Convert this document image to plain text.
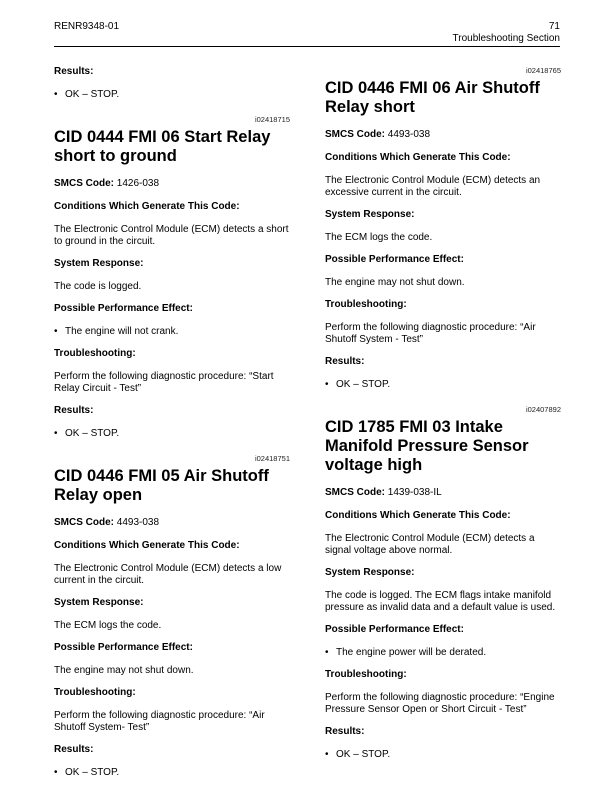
RENR9348-01	71
Troubleshooting Section
Results:
• OK – STOP.
i02418715
CID 0444 FMI 06 Start Relay short to ground
SMCS Code: 1426-038
Conditions Which Generate This Code:
The Electronic Control Module (ECM) detects a short to ground in the circuit.
System Response:
The code is logged.
Possible Performance Effect:
• The engine will not crank.
Troubleshooting:
Perform the following diagnostic procedure: “Start Relay Circuit - Test”
Results:
• OK – STOP.
i02418751
CID 0446 FMI 05 Air Shutoff Relay open
SMCS Code: 4493-038
Conditions Which Generate This Code:
The Electronic Control Module (ECM) detects a low current in the circuit.
System Response:
The ECM logs the code.
Possible Performance Effect:
The engine may not shut down.
Troubleshooting:
Perform the following diagnostic procedure: “Air Shutoff System- Test”
Results:
• OK – STOP.
i02418765
CID 0446 FMI 06 Air Shutoff Relay short
SMCS Code: 4493-038
Conditions Which Generate This Code:
The Electronic Control Module (ECM) detects an excessive current in the circuit.
System Response:
The ECM logs the code.
Possible Performance Effect:
The engine may not shut down.
Troubleshooting:
Perform the following diagnostic procedure: “Air Shutoff System - Test”
Results:
• OK – STOP.
i02407892
CID 1785 FMI 03 Intake Manifold Pressure Sensor voltage high
SMCS Code: 1439-038-IL
Conditions Which Generate This Code:
The Electronic Control Module (ECM) detects a signal voltage above normal.
System Response:
The code is logged. The ECM flags intake manifold pressure as invalid data and a default value is used.
Possible Performance Effect:
• The engine power will be derated.
Troubleshooting:
Perform the following diagnostic procedure: “Engine Pressure Sensor Open or Short Circuit - Test”
Results:
• OK – STOP.
